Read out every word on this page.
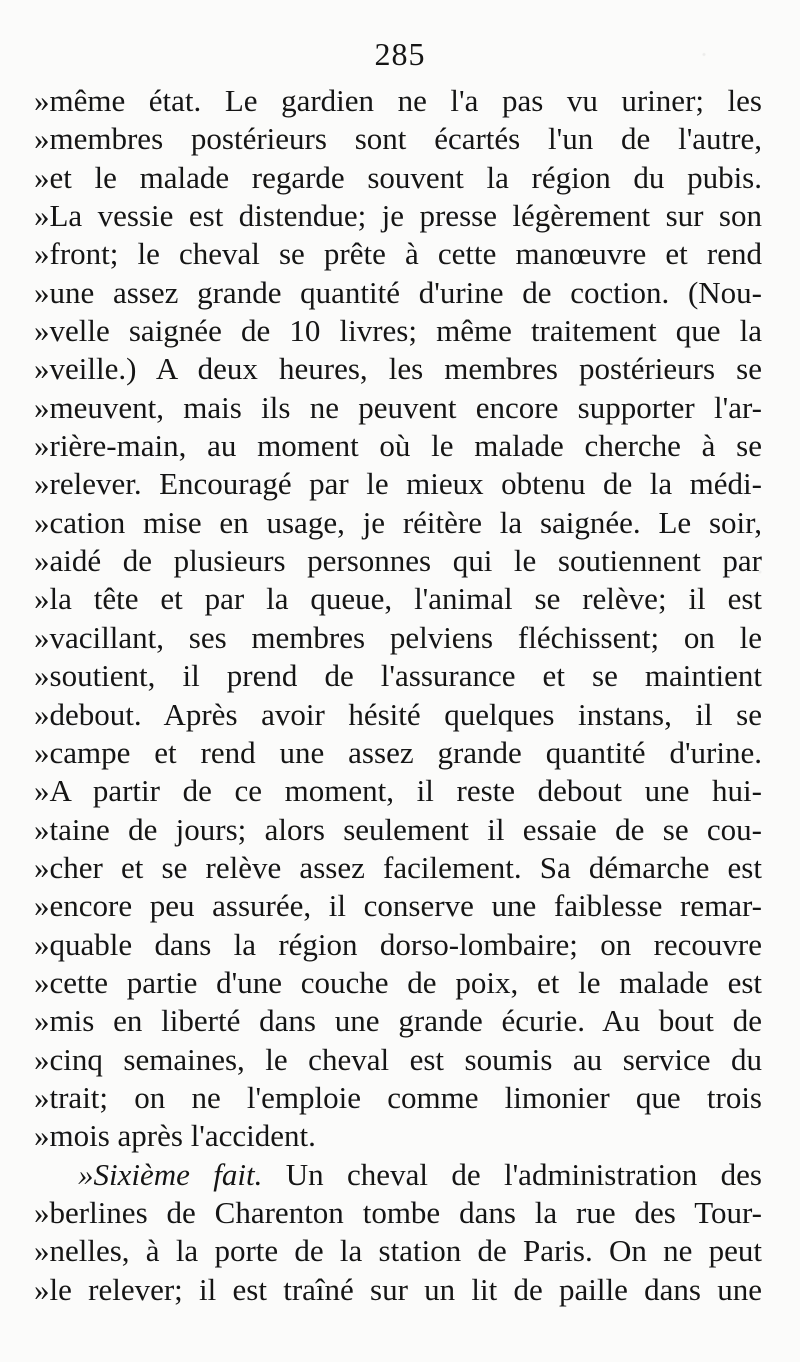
285
»même état. Le gardien ne l'a pas vu uriner; les
»membres postérieurs sont écartés l'un de l'autre,
»et le malade regarde souvent la région du pubis.
»La vessie est distendue; je presse légèrement sur son
»front; le cheval se prête à cette manœuvre et rend
»une assez grande quantité d'urine de coction. (Nou-
»velle saignée de 10 livres; même traitement que la
»veille.) A deux heures, les membres postérieurs se
»meuvent, mais ils ne peuvent encore supporter l'ar-
»rière-main, au moment où le malade cherche à se
»relever. Encouragé par le mieux obtenu de la médi-
»cation mise en usage, je réitère la saignée. Le soir,
»aidé de plusieurs personnes qui le soutiennent par
»la tête et par la queue, l'animal se relève; il est
»vacillant, ses membres pelviens fléchissent; on le
»soutient, il prend de l'assurance et se maintient
»debout. Après avoir hésité quelques instans, il se
»campe et rend une assez grande quantité d'urine.
»A partir de ce moment, il reste debout une hui-
»taine de jours; alors seulement il essaie de se cou-
»cher et se relève assez facilement. Sa démarche est
»encore peu assurée, il conserve une faiblesse remar-
»quable dans la région dorso-lombaire; on recouvre
»cette partie d'une couche de poix, et le malade est
»mis en liberté dans une grande écurie. Au bout de
»cinq semaines, le cheval est soumis au service du
»trait; on ne l'emploie comme limonier que trois
»mois après l'accident.
»Sixième fait. Un cheval de l'administration des
»berlines de Charenton tombe dans la rue des Tour-
»nelles, à la porte de la station de Paris. On ne peut
»le relever; il est traîné sur un lit de paille dans une
